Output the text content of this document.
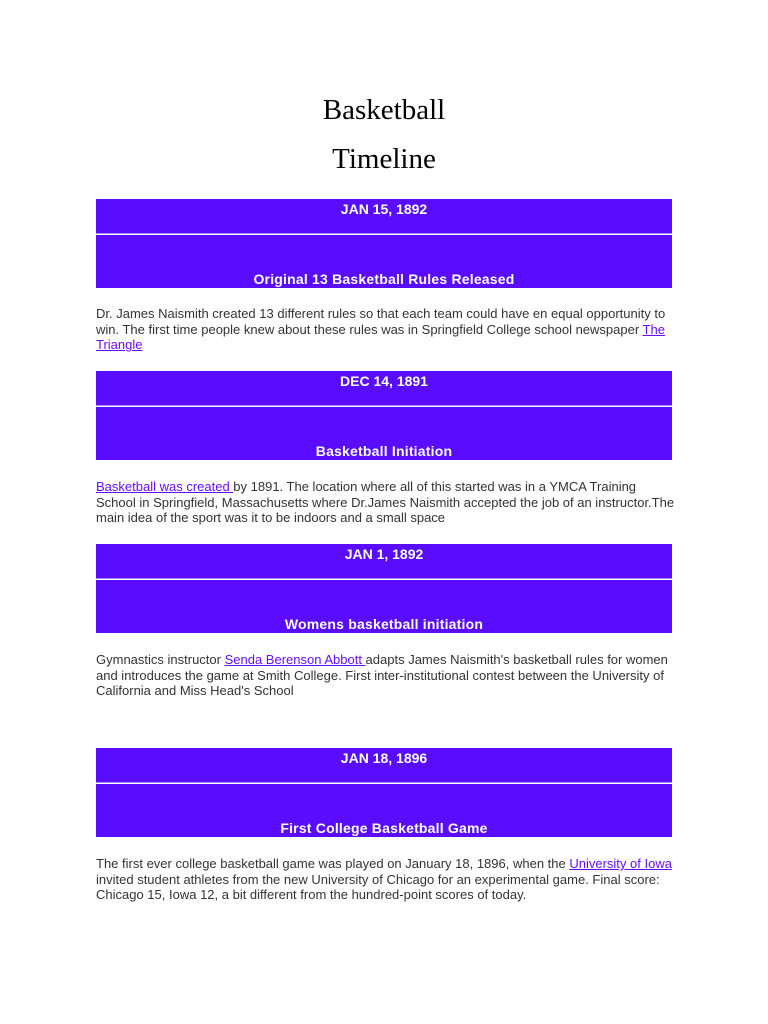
Basketball
Timeline
JAN 15, 1892
Original 13 Basketball Rules Released

Dr. James Naismith created 13 different rules so that each team could have en equal opportunity to win. The first time people knew about these rules was in Springfield College school newspaper The Triangle

DEC 14, 1891
Basketball Initiation

Basketball was created by 1891. The location where all of this started was in a YMCA Training School in Springfield, Massachusetts where Dr.James Naismith accepted the job of an instructor.The main idea of the sport was it to be indoors and a small space

JAN 1, 1892
Womens basketball initiation

Gymnastics instructor Senda Berenson Abbott adapts James Naismith's basketball rules for women and introduces the game at Smith College. First inter-institutional contest between the University of California and Miss Head's School

JAN 18, 1896
First College Basketball Game

The first ever college basketball game was played on January 18, 1896, when the University of Iowa invited student athletes from the new University of Chicago for an experimental game. Final score: Chicago 15, Iowa 12, a bit different from the hundred-point scores of today.
